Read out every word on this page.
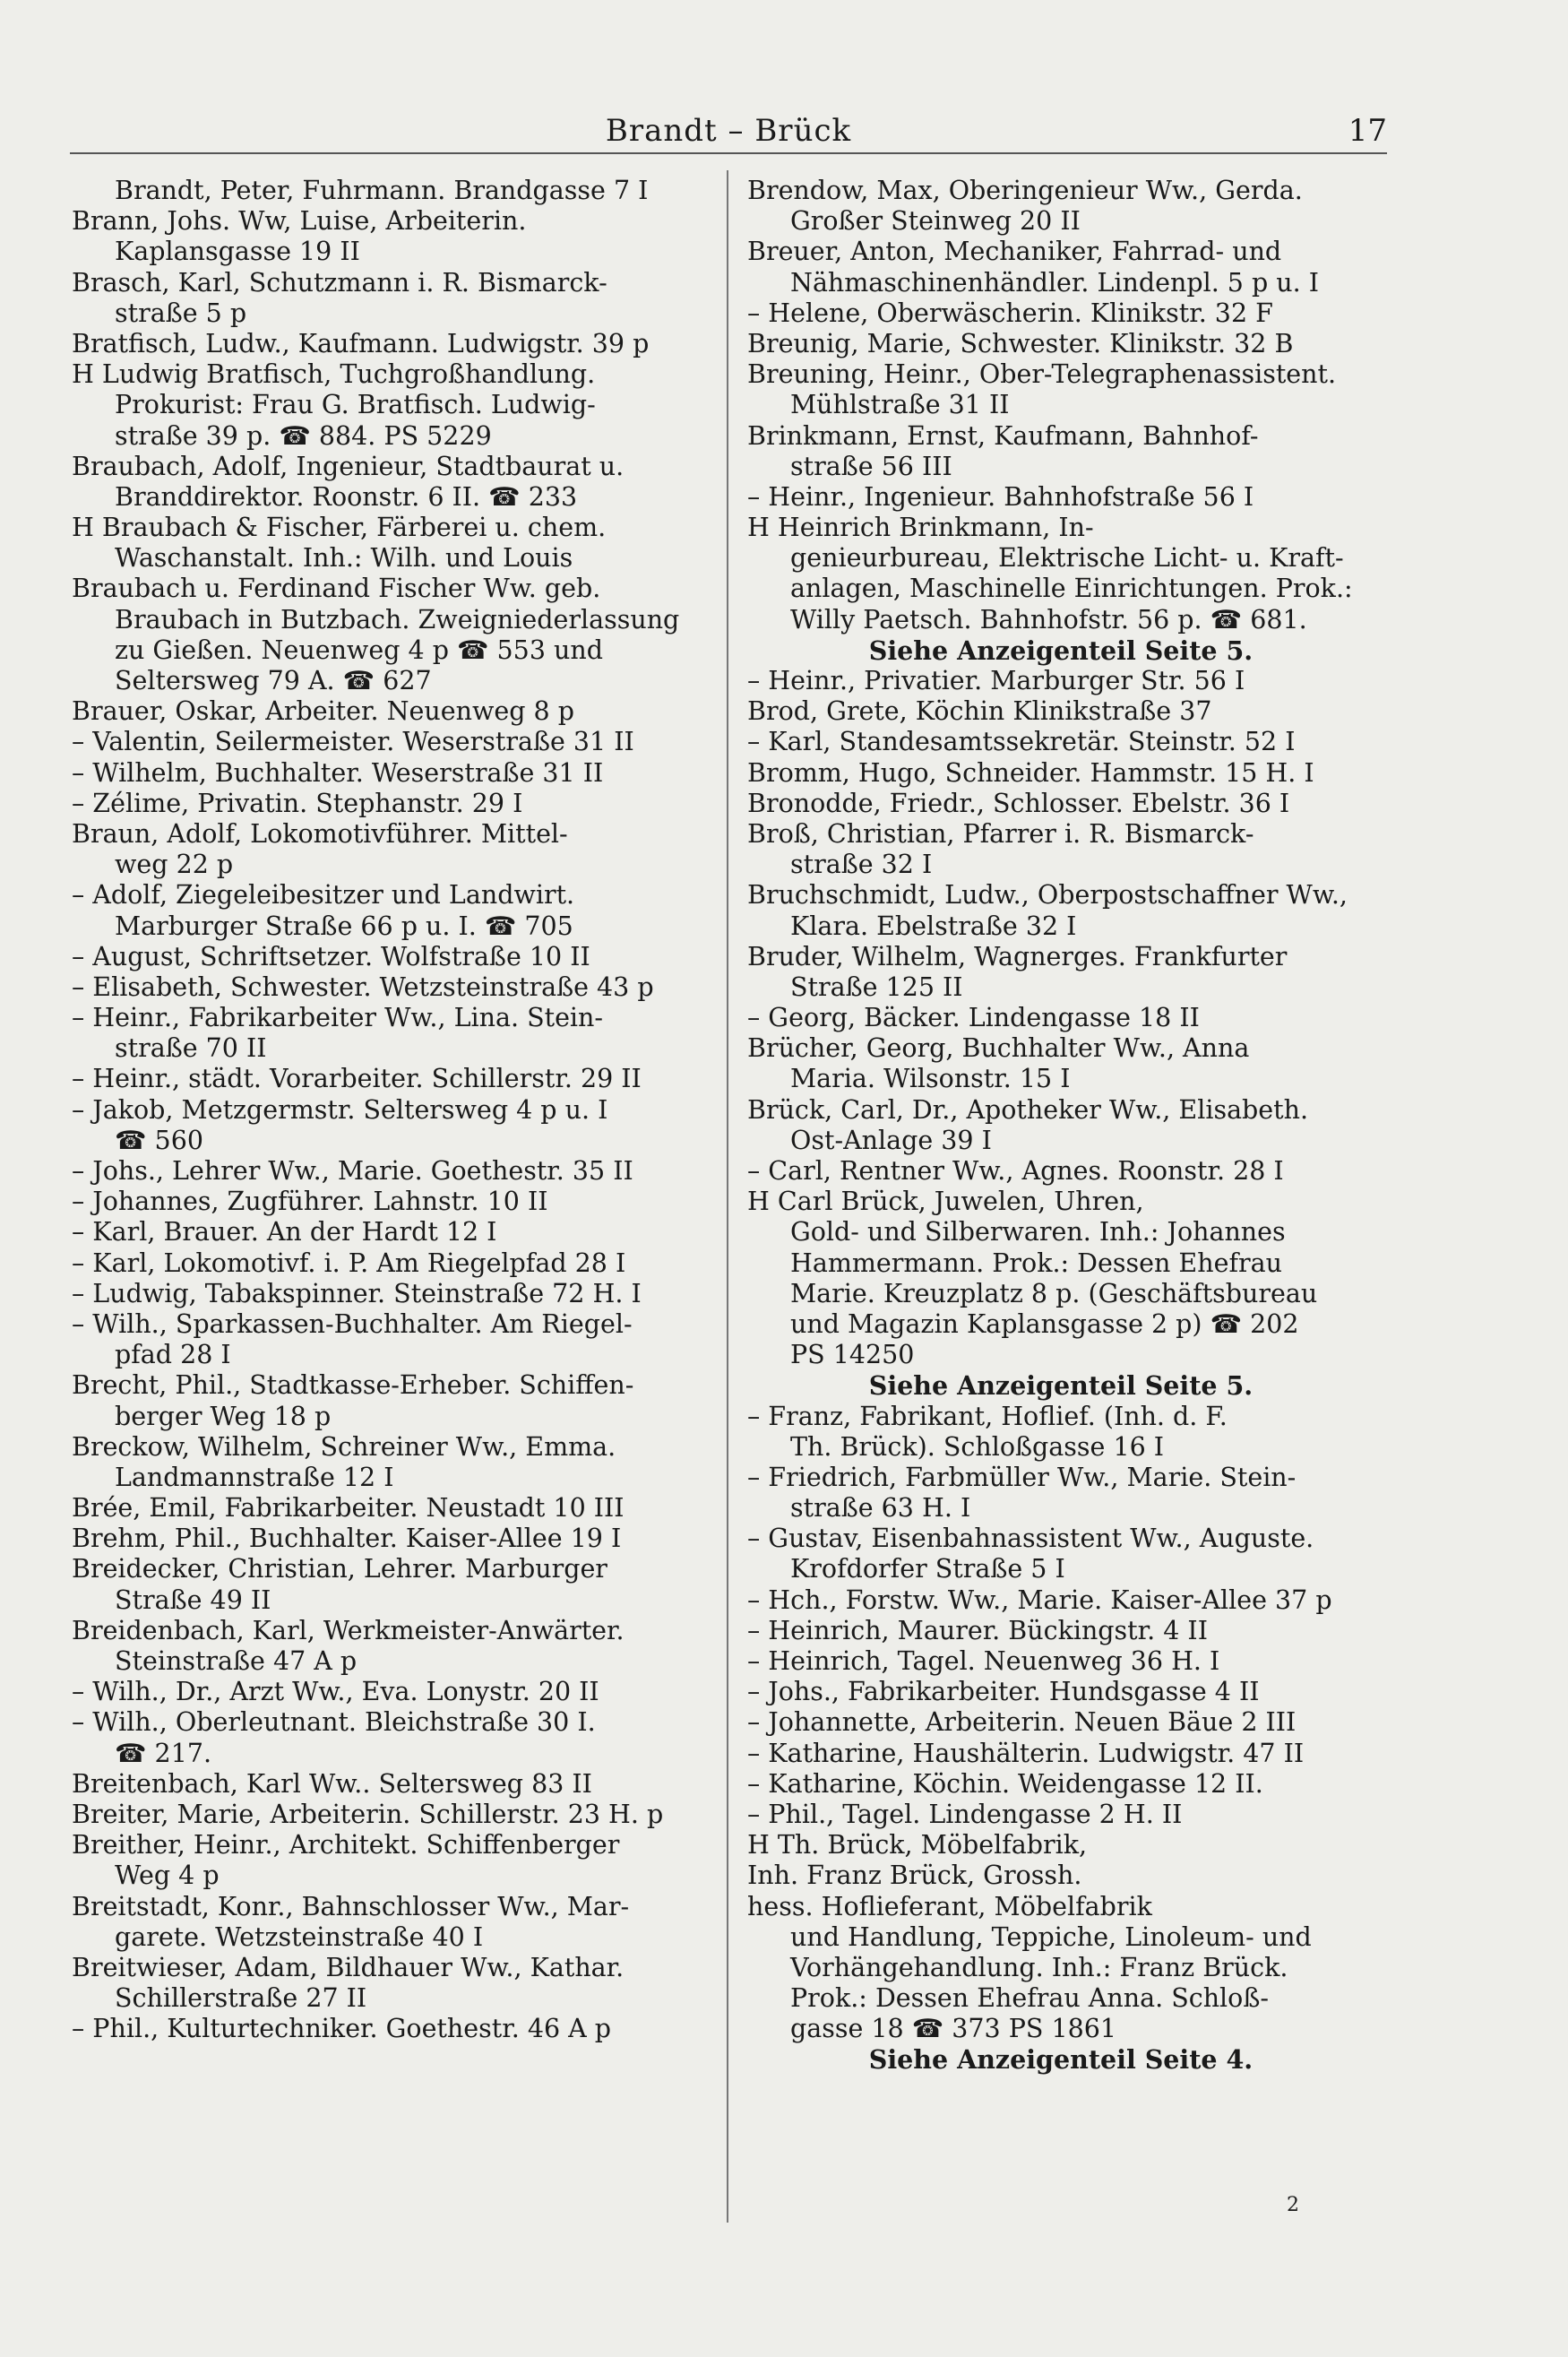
Brandt – Brück	17
Brandt, Peter, Fuhrmann. Brandgasse 7 I
Brann, Johs. Ww, Luise, Arbeiterin.
Kaplansgasse 19 II
Brasch, Karl, Schutzmann i. R. Bismarck-
straße 5 p
Bratfisch, Ludw., Kaufmann. Ludwigstr. 39 p
H Ludwig Bratfisch, Tuchgroßhandlung.
Prokurist: Frau G. Bratfisch. Ludwig-
straße 39 p. ☎ 884. PS 5229
Braubach, Adolf, Ingenieur, Stadtbaurat u.
Branddirektor. Roonstr. 6 II. ☎ 233
H Braubach & Fischer, Färberei u. chem.
Waschanstalt. Inh.: Wilh. und Louis
Braubach u. Ferdinand Fischer Ww. geb.
Braubach in Butzbach. Zweigniederlassung
zu Gießen. Neuenweg 4 p ☎ 553 und
Seltersweg 79 A. ☎ 627
Brauer, Oskar, Arbeiter. Neuenweg 8 p
– Valentin, Seilermeister. Weserstraße 31 II
– Wilhelm, Buchhalter. Weserstraße 31 II
– Zélime, Privatin. Stephanstr. 29 I
Braun, Adolf, Lokomotivführer. Mittel-
weg 22 p
– Adolf, Ziegeleibesitzer und Landwirt.
Marburger Straße 66 p u. I. ☎ 705
– August, Schriftsetzer. Wolfstraße 10 II
– Elisabeth, Schwester. Wetzsteinstraße 43 p
– Heinr., Fabrikarbeiter Ww., Lina. Stein-
straße 70 II
– Heinr., städt. Vorarbeiter. Schillerstr. 29 II
– Jakob, Metzgermstr. Seltersweg 4 p u. I
☎ 560
– Johs., Lehrer Ww., Marie. Goethestr. 35 II
– Johannes, Zugführer. Lahnstr. 10 II
– Karl, Brauer. An der Hardt 12 I
– Karl, Lokomotivf. i. P. Am Riegelpfad 28 I
– Ludwig, Tabakspinner. Steinstraße 72 H. I
– Wilh., Sparkassen-Buchhalter. Am Riegel-
pfad 28 I
Brecht, Phil., Stadtkasse-Erheber. Schiffen-
berger Weg 18 p
Breckow, Wilhelm, Schreiner Ww., Emma.
Landmannstraße 12 I
Brée, Emil, Fabrikarbeiter. Neustadt 10 III
Brehm, Phil., Buchhalter. Kaiser-Allee 19 I
Breidecker, Christian, Lehrer. Marburger
Straße 49 II
Breidenbach, Karl, Werkmeister-Anwärter.
Steinstraße 47 A p
– Wilh., Dr., Arzt Ww., Eva. Lonystr. 20 II
– Wilh., Oberleutnant. Bleichstraße 30 I.
☎ 217.
Breitenbach, Karl Ww.. Seltersweg 83 II
Breiter, Marie, Arbeiterin. Schillerstr. 23 H. p
Breither, Heinr., Architekt. Schiffenberger
Weg 4 p
Breitstadt, Konr., Bahnschlosser Ww., Mar-
garete. Wetzsteinstraße 40 I
Breitwieser, Adam, Bildhauer Ww., Kathar.
Schillerstraße 27 II
– Phil., Kulturtechniker. Goethestr. 46 A p
Brendow, Max, Oberingenieur Ww., Gerda.
Großer Steinweg 20 II
Breuer, Anton, Mechaniker, Fahrrad- und
Nähmaschinenhändler. Lindenpl. 5 p u. I
– Helene, Oberwäscherin. Klinikstr. 32 F
Breunig, Marie, Schwester. Klinikstr. 32 B
Breuning, Heinr., Ober-Telegraphenassistent.
Mühlstraße 31 II
Brinkmann, Ernst, Kaufmann, Bahnhof-
straße 56 III
– Heinr., Ingenieur. Bahnhofstraße 56 I
H Heinrich Brinkmann, In-
genieurbureau, Elektrische Licht- u. Kraft-
anlagen, Maschinelle Einrichtungen. Prok.:
Willy Paetsch. Bahnhofstr. 56 p. ☎ 681.
Siehe Anzeigenteil Seite 5.
– Heinr., Privatier. Marburger Str. 56 I
Brod, Grete, Köchin Klinikstraße 37
– Karl, Standesamtssekretär. Steinstr. 52 I
Bromm, Hugo, Schneider. Hammstr. 15 H. I
Bronodde, Friedr., Schlosser. Ebelstr. 36 I
Broß, Christian, Pfarrer i. R. Bismarck-
straße 32 I
Bruchschmidt, Ludw., Oberpostschaffner Ww.,
Klara. Ebelstraße 32 I
Bruder, Wilhelm, Wagnerges. Frankfurter
Straße 125 II
– Georg, Bäcker. Lindengasse 18 II
Brücher, Georg, Buchhalter Ww., Anna
Maria. Wilsonstr. 15 I
Brück, Carl, Dr., Apotheker Ww., Elisabeth.
Ost-Anlage 39 I
– Carl, Rentner Ww., Agnes. Roonstr. 28 I
H Carl Brück, Juwelen, Uhren,
Gold- und Silberwaren. Inh.: Johannes
Hammermann. Prok.: Dessen Ehefrau
Marie. Kreuzplatz 8 p. (Geschäftsbureau
und Magazin Kaplansgasse 2 p) ☎ 202
PS 14250
Siehe Anzeigenteil Seite 5.
– Franz, Fabrikant, Hoflief. (Inh. d. F.
Th. Brück). Schloßgasse 16 I
– Friedrich, Farbmüller Ww., Marie. Stein-
straße 63 H. I
– Gustav, Eisenbahnassistent Ww., Auguste.
Krofdorfer Straße 5 I
– Hch., Forstw. Ww., Marie. Kaiser-Allee 37 p
– Heinrich, Maurer. Bückingstr. 4 II
– Heinrich, Tagel. Neuenweg 36 H. I
– Johs., Fabrikarbeiter. Hundsgasse 4 II
– Johannette, Arbeiterin. Neuen Bäue 2 III
– Katharine, Haushälterin. Ludwigstr. 47 II
– Katharine, Köchin. Weidengasse 12 II.
– Phil., Tagel. Lindengasse 2 H. II
H Th. Brück, Möbelfabrik,
Inh. Franz Brück, Grossh.
hess. Hoflieferant, Möbelfabrik
und Handlung, Teppiche, Linoleum- und
Vorhängehandlung. Inh.: Franz Brück.
Prok.: Dessen Ehefrau Anna. Schloß-
gasse 18 ☎ 373 PS 1861
Siehe Anzeigenteil Seite 4.
2
